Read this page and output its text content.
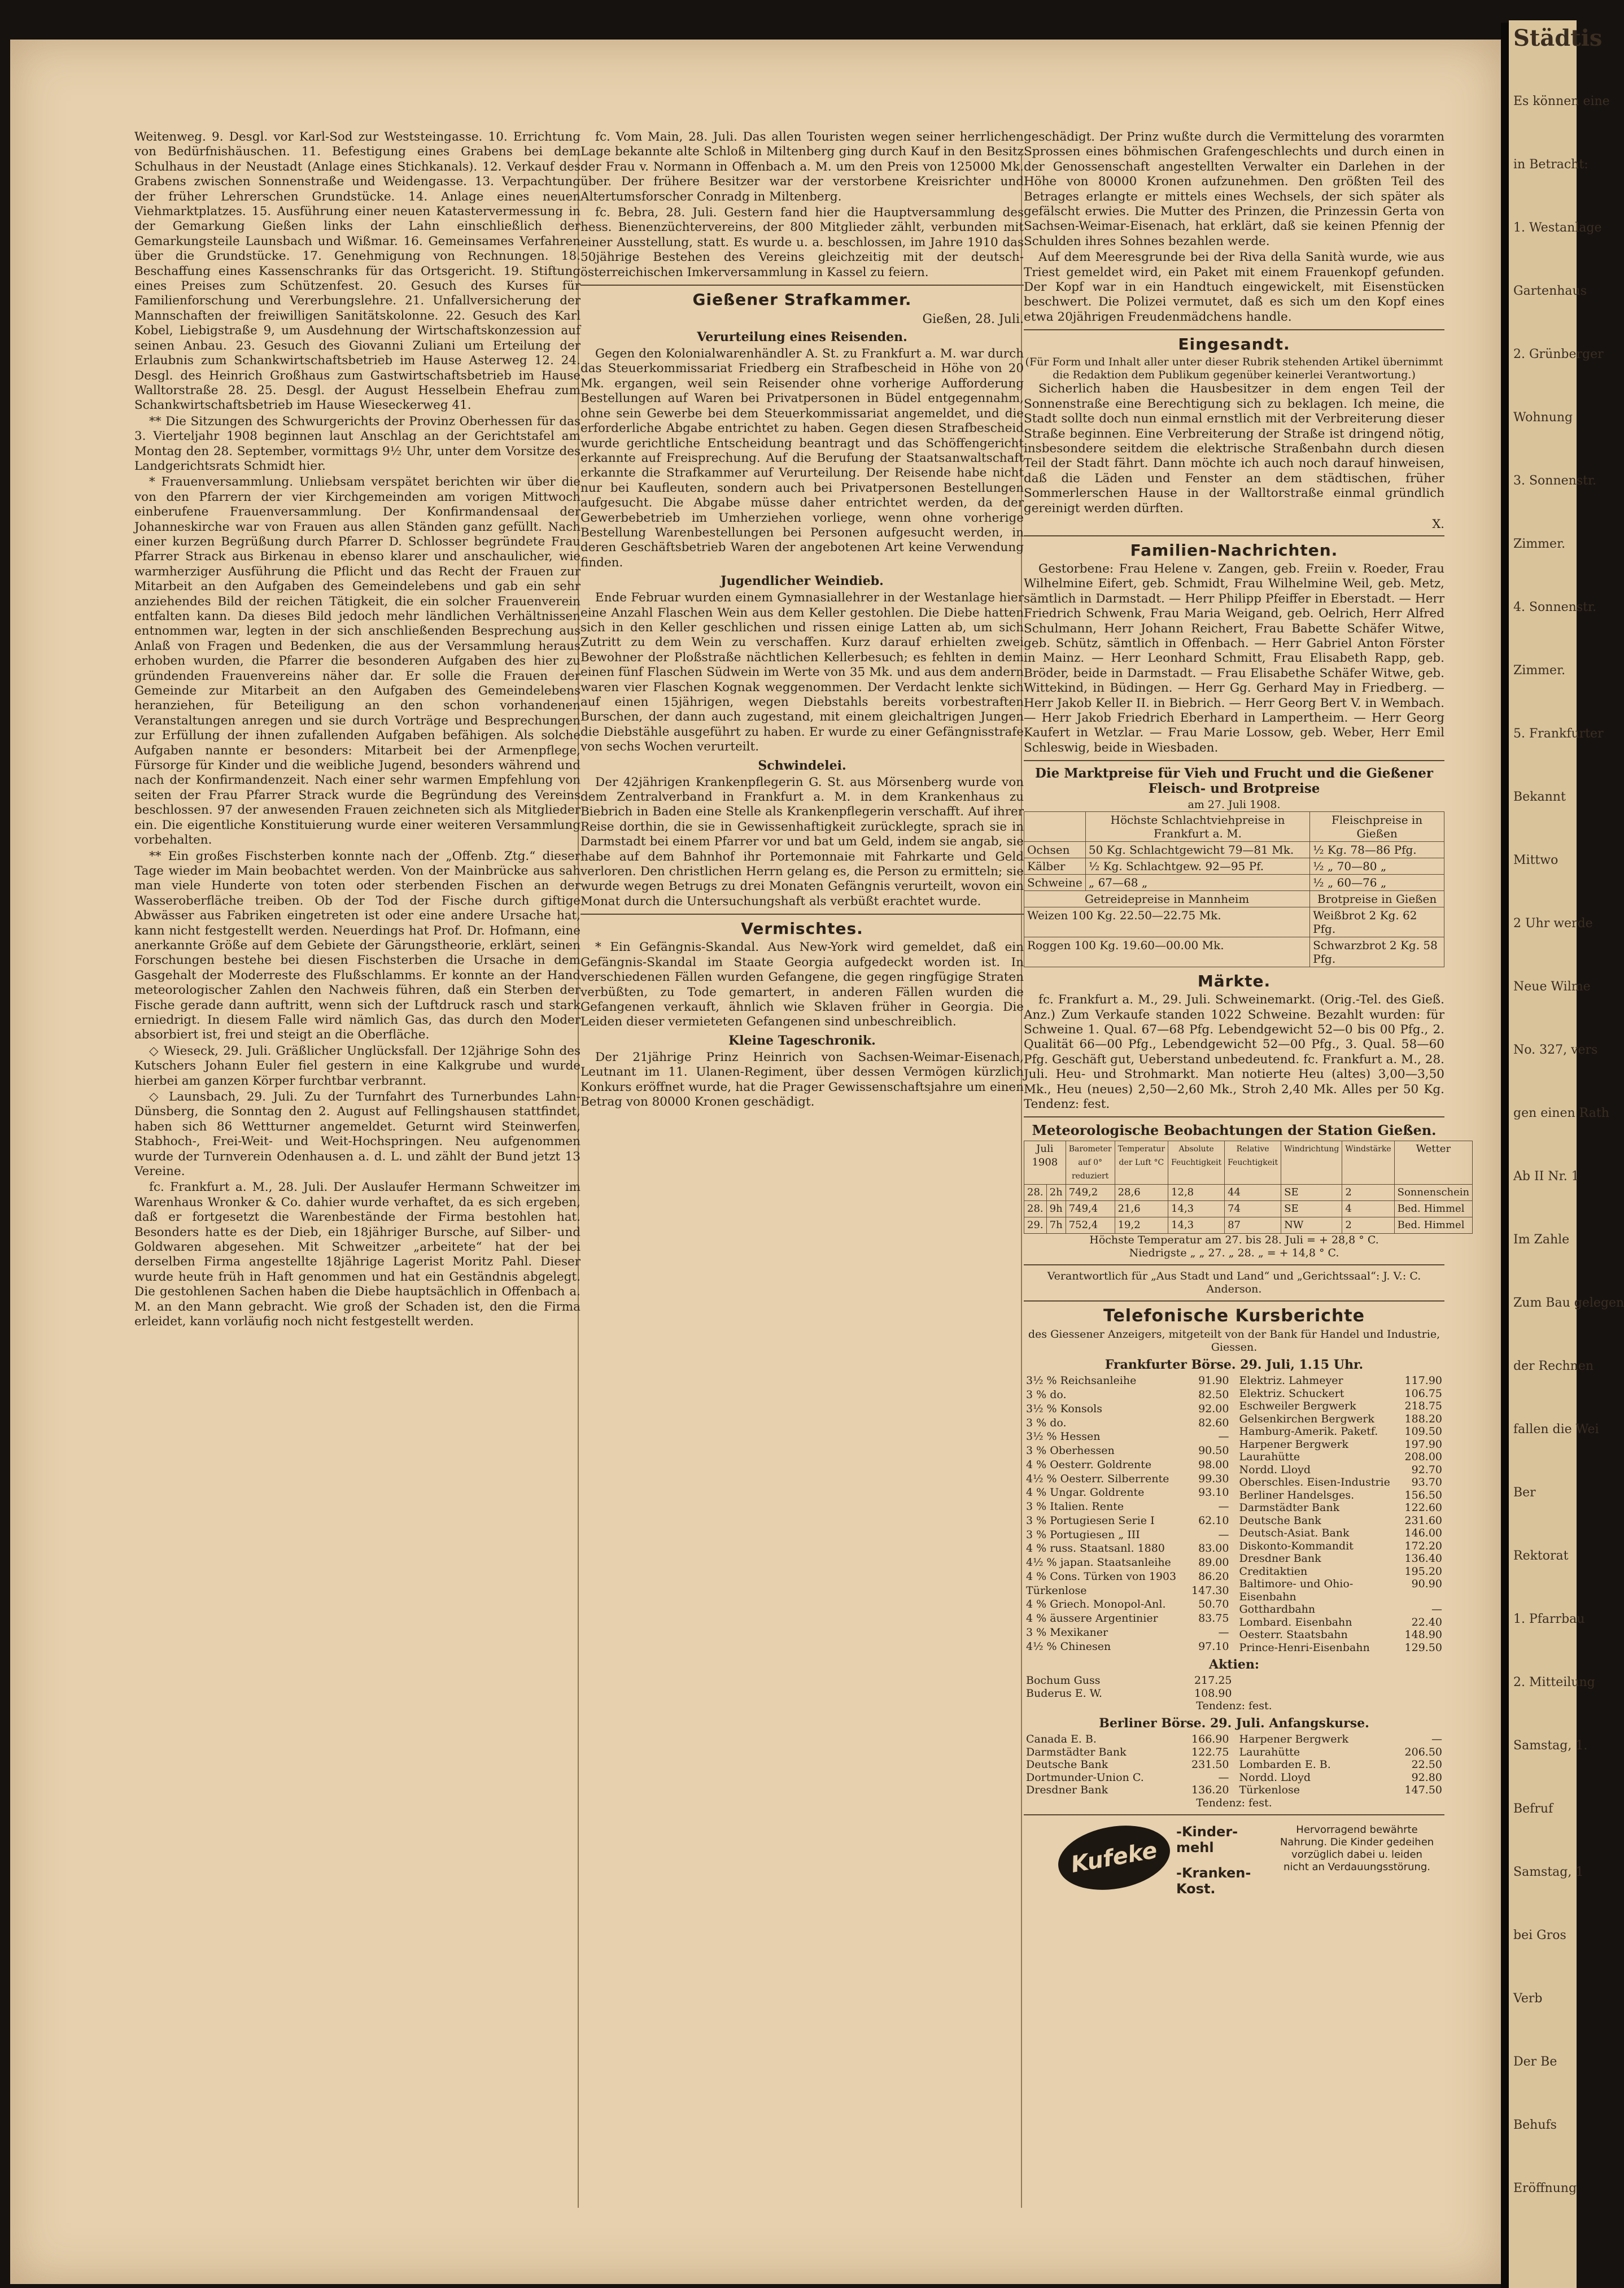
Weitenweg. 9. Desgl. vor Karl-Sod zur Weststeingasse. 10. Errichtung von Bedürfnishäuschen. 11. Befestigung eines Grabens bei dem Schulhaus in der Neustadt (Anlage eines Stichkanals). 12. Verkauf des Grabens zwischen Sonnenstraße und Weidengasse. 13. Verpachtung der früher Lehrerschen Grundstücke. 14. Anlage eines neuen Viehmarktplatzes. 15. Ausführung einer neuen Katastervermessung in der Gemarkung Gießen links der Lahn einschließlich der Gemarkungsteile Launsbach und Wißmar. 16. Gemeinsames Verfahren über die Grundstücke. 17. Genehmigung von Rechnungen. 18. Beschaffung eines Kassenschranks für das Ortsgericht. 19. Stiftung eines Preises zum Schützenfest. 20. Gesuch des Kurses für Familienforschung und Vererbungslehre. 21. Unfallversicherung der Mannschaften der freiwilligen Sanitätskolonne. 22. Gesuch des Karl Kobel, Liebigstraße 9, um Ausdehnung der Wirtschaftskonzession auf seinen Anbau. 23. Gesuch des Giovanni Zuliani um Erteilung der Erlaubnis zum Schankwirtschaftsbetrieb im Hause Asterweg 12. 24. Desgl. des Heinrich Großhaus zum Gastwirtschaftsbetrieb im Hause Walltorstraße 28. 25. Desgl. der August Hesselbein Ehefrau zum Schankwirtschaftsbetrieb im Hause Wieseckerweg 41.

** Die Sitzungen des Schwurgerichts der Provinz Oberhessen für das 3. Vierteljahr 1908 beginnen laut Anschlag an der Gerichtstafel am Montag den 28. September, vormittags 9½ Uhr, unter dem Vorsitze des Landgerichtsrats Schmidt hier.

* Frauenversammlung. Unliebsam verspätet berichten wir über die von den Pfarrern der vier Kirchgemeinden am vorigen Mittwoch einberufene Frauenversammlung. Der Konfirmandensaal der Johanneskirche war von Frauen aus allen Ständen ganz gefüllt. Nach einer kurzen Begrüßung durch Pfarrer D. Schlosser begründete Frau Pfarrer Strack aus Birkenau in ebenso klarer und anschaulicher, wie warmherziger Ausführung die Pflicht und das Recht der Frauen zur Mitarbeit an den Aufgaben des Gemeindelebens und gab ein sehr anziehendes Bild der reichen Tätigkeit, die ein solcher Frauenverein entfalten kann. Da dieses Bild jedoch mehr ländlichen Verhältnissen entnommen war, legten in der sich anschließenden Besprechung aus Anlaß von Fragen und Bedenken, die aus der Versammlung heraus erhoben wurden, die Pfarrer die besonderen Aufgaben des hier zu gründenden Frauenvereins näher dar. Er solle die Frauen der Gemeinde zur Mitarbeit an den Aufgaben des Gemeindelebens heranziehen, für Beteiligung an den schon vorhandenen Veranstaltungen anregen und sie durch Vorträge und Besprechungen zur Erfüllung der ihnen zufallenden Aufgaben befähigen. Als solche Aufgaben nannte er besonders: Mitarbeit bei der Armenpflege, Fürsorge für Kinder und die weibliche Jugend, besonders während und nach der Konfirmandenzeit. Nach einer sehr warmen Empfehlung von seiten der Frau Pfarrer Strack wurde die Begründung des Vereins beschlossen. 97 der anwesenden Frauen zeichneten sich als Mitglieder ein. Die eigentliche Konstituierung wurde einer weiteren Versammlung vorbehalten.

** Ein großes Fischsterben konnte nach der „Offenb. Ztg.“ dieser Tage wieder im Main beobachtet werden. Von der Mainbrücke aus sah man viele Hunderte von toten oder sterbenden Fischen an der Wasseroberfläche treiben. Ob der Tod der Fische durch giftige Abwässer aus Fabriken eingetreten ist oder eine andere Ursache hat, kann nicht festgestellt werden. Neuerdings hat Prof. Dr. Hofmann, eine anerkannte Größe auf dem Gebiete der Gärungstheorie, erklärt, seinen Forschungen bestehe bei diesen Fischsterben die Ursache in dem Gasgehalt der Moderreste des Flußschlamms. Er konnte an der Hand meteorologischer Zahlen den Nachweis führen, daß ein Sterben der Fische gerade dann auftritt, wenn sich der Luftdruck rasch und stark erniedrigt. In diesem Falle wird nämlich Gas, das durch den Moder absorbiert ist, frei und steigt an die Oberfläche.

◇ Wieseck, 29. Juli. Gräßlicher Unglücksfall. Der 12jährige Sohn des Kutschers Johann Euler fiel gestern in eine Kalkgrube und wurde hierbei am ganzen Körper furchtbar verbrannt.

◇ Launsbach, 29. Juli. Zu der Turnfahrt des Turnerbundes Lahn-Dünsberg, die Sonntag den 2. August auf Fellingshausen stattfindet, haben sich 86 Wettturner angemeldet. Geturnt wird Steinwerfen, Stabhoch-, Frei-Weit- und Weit-Hochspringen. Neu aufgenommen wurde der Turnverein Odenhausen a. d. L. und zählt der Bund jetzt 13 Vereine.

fc. Frankfurt a. M., 28. Juli. Der Auslaufer Hermann Schweitzer im Warenhaus Wronker & Co. dahier wurde verhaftet, da es sich ergeben, daß er fortgesetzt die Warenbestände der Firma bestohlen hat. Besonders hatte es der Dieb, ein 18jähriger Bursche, auf Silber- und Goldwaren abgesehen. Mit Schweitzer „arbeitete“ hat der bei derselben Firma angestellte 18jährige Lagerist Moritz Pahl. Dieser wurde heute früh in Haft genommen und hat ein Geständnis abgelegt. Die gestohlenen Sachen haben die Diebe hauptsächlich in Offenbach a. M. an den Mann gebracht. Wie groß der Schaden ist, den die Firma erleidet, kann vorläufig noch nicht festgestellt werden.

fc. Vom Main, 28. Juli. Das allen Touristen wegen seiner herrlichen Lage bekannte alte Schloß in Miltenberg ging durch Kauf in den Besitz der Frau v. Normann in Offenbach a. M. um den Preis von 125000 Mk. über. Der frühere Besitzer war der verstorbene Kreisrichter und Altertumsforscher Conradg in Miltenberg.

fc. Bebra, 28. Juli. Gestern fand hier die Hauptversammlung des hess. Bienenzüchtervereins, der 800 Mitglieder zählt, verbunden mit einer Ausstellung, statt. Es wurde u. a. beschlossen, im Jahre 1910 das 50jährige Bestehen des Vereins gleichzeitig mit der deutsch-österreichischen Imkerversammlung in Kassel zu feiern.

Gießener Strafkammer.
Gießen, 28. Juli.
Verurteilung eines Reisenden.

Gegen den Kolonialwarenhändler A. St. zu Frankfurt a. M. war durch das Steuerkommissariat Friedberg ein Strafbescheid in Höhe von 20 Mk. ergangen, weil sein Reisender ohne vorherige Aufforderung Bestellungen auf Waren bei Privatpersonen in Büdel entgegennahm, ohne sein Gewerbe bei dem Steuerkommissariat angemeldet, und die erforderliche Abgabe entrichtet zu haben. Gegen diesen Strafbescheid wurde gerichtliche Entscheidung beantragt und das Schöffengericht erkannte auf Freisprechung. Auf die Berufung der Staatsanwaltschaft erkannte die Strafkammer auf Verurteilung. Der Reisende habe nicht nur bei Kaufleuten, sondern auch bei Privatpersonen Bestellungen aufgesucht. Die Abgabe müsse daher entrichtet werden, da der Gewerbebetrieb im Umherziehen vorliege, wenn ohne vorherige Bestellung Warenbestellungen bei Personen aufgesucht werden, in deren Geschäftsbetrieb Waren der angebotenen Art keine Verwendung finden.

Jugendlicher Weindieb.

Ende Februar wurden einem Gymnasiallehrer in der Westanlage hier eine Anzahl Flaschen Wein aus dem Keller gestohlen. Die Diebe hatten sich in den Keller geschlichen und rissen einige Latten ab, um sich Zutritt zu dem Wein zu verschaffen. Kurz darauf erhielten zwei Bewohner der Ploßstraße nächtlichen Kellerbesuch; es fehlten in dem einen fünf Flaschen Südwein im Werte von 35 Mk. und aus dem andern waren vier Flaschen Kognak weggenommen. Der Verdacht lenkte sich auf einen 15jährigen, wegen Diebstahls bereits vorbestraften Burschen, der dann auch zugestand, mit einem gleichaltrigen Jungen die Diebstähle ausgeführt zu haben. Er wurde zu einer Gefängnisstrafe von sechs Wochen verurteilt.

Schwindelei.

Der 42jährigen Krankenpflegerin G. St. aus Mörsenberg wurde von dem Zentralverband in Frankfurt a. M. in dem Krankenhaus zu Biebrich in Baden eine Stelle als Krankenpflegerin verschafft. Auf ihrer Reise dorthin, die sie in Gewissenhaftigkeit zurücklegte, sprach sie in Darmstadt bei einem Pfarrer vor und bat um Geld, indem sie angab, sie habe auf dem Bahnhof ihr Portemonnaie mit Fahrkarte und Geld verloren. Den christlichen Herrn gelang es, die Person zu ermitteln; sie wurde wegen Betrugs zu drei Monaten Gefängnis verurteilt, wovon ein Monat durch die Untersuchungshaft als verbüßt erachtet wurde.

Vermischtes.

* Ein Gefängnis-Skandal. Aus New-York wird gemeldet, daß ein Gefängnis-Skandal im Staate Georgia aufgedeckt worden ist. In verschiedenen Fällen wurden Gefangene, die gegen ringfügige Straten verbüßten, zu Tode gemartert, in anderen Fällen wurden die Gefangenen verkauft, ähnlich wie Sklaven früher in Georgia. Die Leiden dieser vermieteten Gefangenen sind unbeschreiblich.

Kleine Tageschronik.

Der 21jährige Prinz Heinrich von Sachsen-Weimar-Eisenach, Leutnant im 11. Ulanen-Regiment, über dessen Vermögen kürzlich Konkurs eröffnet wurde, hat die Prager Gewissenschaftsjahre um einen Betrag von 80000 Kronen geschädigt.

geschädigt. Der Prinz wußte durch die Vermittelung des vorarmten Sprossen eines böhmischen Grafengeschlechts und durch einen in der Genossenschaft angestellten Verwalter ein Darlehen in der Höhe von 80000 Kronen aufzunehmen. Den größten Teil des Betrages erlangte er mittels eines Wechsels, der sich später als gefälscht erwies. Die Mutter des Prinzen, die Prinzessin Gerta von Sachsen-Weimar-Eisenach, hat erklärt, daß sie keinen Pfennig der Schulden ihres Sohnes bezahlen werde.

Auf dem Meeresgrunde bei der Riva della Sanità wurde, wie aus Triest gemeldet wird, ein Paket mit einem Frauenkopf gefunden. Der Kopf war in ein Handtuch eingewickelt, mit Eisenstücken beschwert. Die Polizei vermutet, daß es sich um den Kopf eines etwa 20jährigen Freudenmädchens handle.

Eingesandt.
(Für Form und Inhalt aller unter dieser Rubrik stehenden Artikel übernimmt die Redaktion dem Publikum gegenüber keinerlei Verantwortung.)

Sicherlich haben die Hausbesitzer in dem engen Teil der Sonnenstraße eine Berechtigung sich zu beklagen. Ich meine, die Stadt sollte doch nun einmal ernstlich mit der Verbreiterung dieser Straße beginnen. Eine Verbreiterung der Straße ist dringend nötig, insbesondere seitdem die elektrische Straßenbahn durch diesen Teil der Stadt fährt. Dann möchte ich auch noch darauf hinweisen, daß die Läden und Fenster an dem städtischen, früher Sommerlerschen Hause in der Walltorstraße einmal gründlich gereinigt werden dürften.

X.
Familien-Nachrichten.

Gestorbene: Frau Helene v. Zangen, geb. Freiin v. Roeder, Frau Wilhelmine Eifert, geb. Schmidt, Frau Wilhelmine Weil, geb. Metz, sämtlich in Darmstadt. — Herr Philipp Pfeiffer in Eberstadt. — Herr Friedrich Schwenk, Frau Maria Weigand, geb. Oelrich, Herr Alfred Schulmann, Herr Johann Reichert, Frau Babette Schäfer Witwe, geb. Schütz, sämtlich in Offenbach. — Herr Gabriel Anton Förster in Mainz. — Herr Leonhard Schmitt, Frau Elisabeth Rapp, geb. Bröder, beide in Darmstadt. — Frau Elisabethe Schäfer Witwe, geb. Wittekind, in Büdingen. — Herr Gg. Gerhard May in Friedberg. — Herr Jakob Keller II. in Biebrich. — Herr Georg Bert V. in Wembach. — Herr Jakob Friedrich Eberhard in Lampertheim. — Herr Georg Kaufert in Wetzlar. — Frau Marie Lossow, geb. Weber, Herr Emil Schleswig, beide in Wiesbaden.

Die Marktpreise für Vieh und Frucht und die Gießener Fleisch- und Brotpreise
am 27. Juli 1908.
	Höchste Schlachtviehpreise in Frankfurt a. M.	Fleischpreise in Gießen
Ochsen	50 Kg. Schlachtgewicht 79—81 Mk.	½ Kg. 78—86 Pfg.
Kälber	½ Kg. Schlachtgew. 92—95 Pf.	½ „ 70—80 „
Schweine	„ 67—68 „	½ „ 60—76 „
Getreidepreise in Mannheim		Brotpreise in Gießen
Weizen 100 Kg. 22.50—22.75 Mk.		Weißbrot 2 Kg. 62 Pfg.
Roggen 100 Kg. 19.60—00.00 Mk.		Schwarzbrot 2 Kg. 58 Pfg.
Märkte.

fc. Frankfurt a. M., 29. Juli. Schweinemarkt. (Orig.-Tel. des Gieß. Anz.) Zum Verkaufe standen 1022 Schweine. Bezahlt wurden: für Schweine 1. Qual. 67—68 Pfg. Lebendgewicht 52—0 bis 00 Pfg., 2. Qualität 66—00 Pfg., Lebendgewicht 52—00 Pfg., 3. Qual. 58—60 Pfg. Geschäft gut, Ueberstand unbedeutend. fc. Frankfurt a. M., 28. Juli. Heu- und Strohmarkt. Man notierte Heu (altes) 3,00—3,50 Mk., Heu (neues) 2,50—2,60 Mk., Stroh 2,40 Mk. Alles per 50 Kg. Tendenz: fest.

Meteorologische Beobachtungen der Station Gießen.
Juli 1908		Barometer auf 0° reduziert	Temperatur der Luft °C	Absolute Feuchtigkeit	Relative Feuchtigkeit	Windrichtung	Windstärke	Wetter
28.	2h	749,2	28,6	12,8	44	SE	2	Sonnenschein
28.	9h	749,4	21,6	14,3	74	SE	4	Bed. Himmel
29.	7h	752,4	19,2	14,3	87	NW	2	Bed. Himmel
Höchste Temperatur am 27. bis 28. Juli = + 28,8 ° C.
Niedrigste „ „ 27. „ 28. „ = + 14,8 ° C.
Verantwortlich für „Aus Stadt und Land“ und „Gerichtssaal“: J. V.: C. Anderson.
Telefonische Kursberichte
des Giessener Anzeigers, mitgeteilt von der Bank für Handel und Industrie, Giessen.
Frankfurter Börse. 29. Juli, 1.15 Uhr.
3½ % Reichsanleihe	91.90
3 % do.	82.50
3½ % Konsols	92.00
3 % do.	82.60
3½ % Hessen	—
3 % Oberhessen	90.50
4 % Oesterr. Goldrente	98.00
4½ % Oesterr. Silberrente	99.30
4 % Ungar. Goldrente	93.10
3 % Italien. Rente	—
3 % Portugiesen Serie I	62.10
3 % Portugiesen „ III	—
4 % russ. Staatsanl. 1880	83.00
4½ % japan. Staatsanleihe	89.00
4 % Cons. Türken von 1903	86.20
Türkenlose	147.30
4 % Griech. Monopol-Anl.	50.70
4 % äussere Argentinier	83.75
3 % Mexikaner	—
4½ % Chinesen	97.10
Elektriz. Lahmeyer	117.90
Elektriz. Schuckert	106.75
Eschweiler Bergwerk	218.75
Gelsenkirchen Bergwerk	188.20
Hamburg-Amerik. Paketf.	109.50
Harpener Bergwerk	197.90
Laurahütte	208.00
Nordd. Lloyd	92.70
Oberschles. Eisen-Industrie	93.70
Berliner Handelsges.	156.50
Darmstädter Bank	122.60
Deutsche Bank	231.60
Deutsch-Asiat. Bank	146.00
Diskonto-Kommandit	172.20
Dresdner Bank	136.40
Creditaktien	195.20
Baltimore- und Ohio-Eisenbahn	90.90
Gotthardbahn	—
Lombard. Eisenbahn	22.40
Oesterr. Staatsbahn	148.90
Prince-Henri-Eisenbahn	129.50
Aktien:
Bochum Guss	217.25
Buderus E. W.	108.90
Tendenz: fest.
Berliner Börse. 29. Juli. Anfangskurse.
Canada E. B.	166.90
Darmstädter Bank	122.75
Deutsche Bank	231.50
Dortmunder-Union C.	—
Dresdner Bank	136.20
Harpener Bergwerk	—
Laurahütte	206.50
Lombarden E. B.	22.50
Nordd. Lloyd	92.80
Türkenlose	147.50
Tendenz: fest.
Kufeke
-Kinder-mehl
-Kranken-Kost.
Hervorragend bewährte Nahrung. Die Kinder gedeihen vorzüglich dabei u. leiden nicht an Verdauungsstörung.
Städtis
Es können eine
in Betracht:
1. Westanlage
Gartenhaus
2. Grünberger
Wohnung
3. Sonnenstr.
Zimmer.
4. Sonnenstr.
Zimmer.
5. Frankfurter
Bekannt
Mittwo
2 Uhr werde
Neue Wilme
No. 327, vers
gen einen Rath
Ab II Nr. 1
Im Zahle
Zum Bau gelegen
der Rechnen
fallen die Wei
Ber
Rektorat
1. Pfarrbau
2. Mitteilung
Samstag, 1.
Befruf
Samstag, 1
bei Gros
Verb
Der Be
Behufs
Eröffnung
